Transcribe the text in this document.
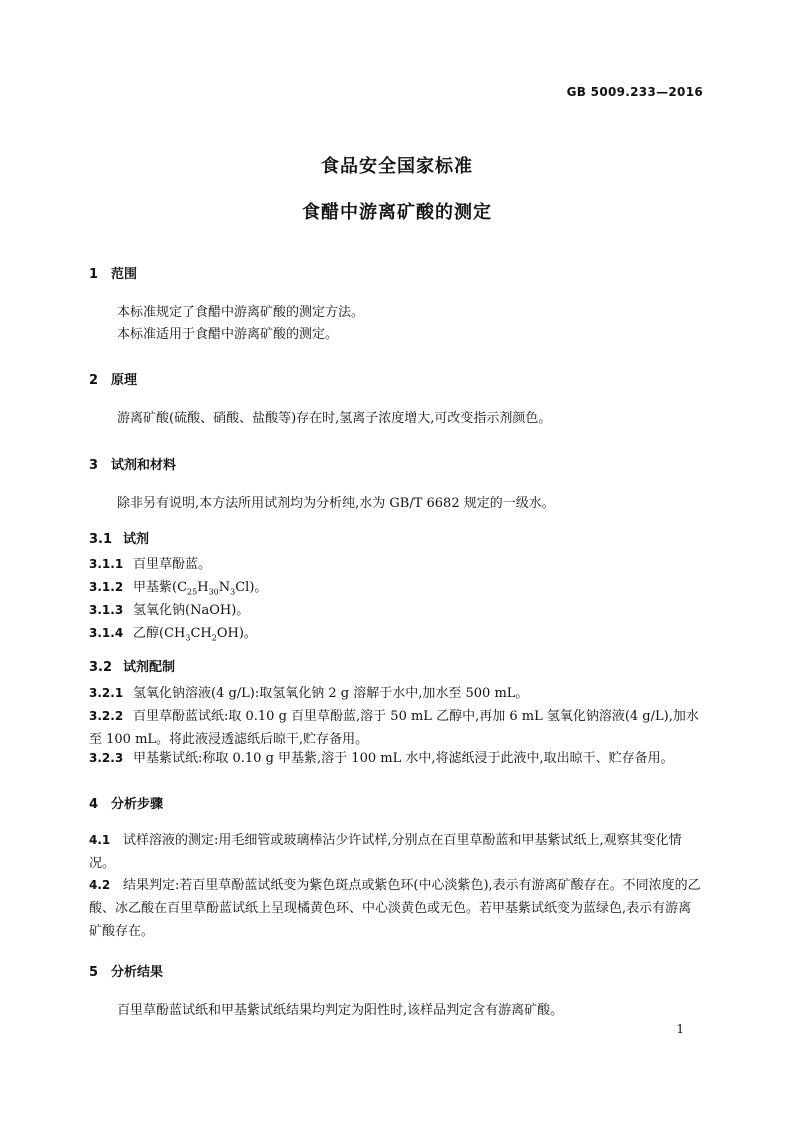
GB 5009.233—2016
食品安全国家标准
食醋中游离矿酸的测定
1 范围
本标准规定了食醋中游离矿酸的测定方法。
本标准适用于食醋中游离矿酸的测定。
2 原理
游离矿酸(硫酸、硝酸、盐酸等)存在时,氢离子浓度增大,可改变指示剂颜色。
3 试剂和材料
除非另有说明,本方法所用试剂均为分析纯,水为 GB/T 6682 规定的一级水。
3.1 试剂
3.1.1 百里草酚蓝。
3.1.2 甲基紫$(C_{25}H_{30}N_3Cl)$。
3.1.3 氢氧化钠(NaOH)。
3.1.4 乙醇$(CH_3CH_2OH)$。
3.2 试剂配制
3.2.1 氢氧化钠溶液(4 g/L):取氢氧化钠 2 g 溶解于水中,加水至 500 mL。
3.2.2 百里草酚蓝试纸:取 0.10 g 百里草酚蓝,溶于 50 mL 乙醇中,再加 6 mL 氢氧化钠溶液(4 g/L),加水至 100 mL。将此液浸透滤纸后晾干,贮存备用。
3.2.3 甲基紫试纸:称取 0.10 g 甲基紫,溶于 100 mL 水中,将滤纸浸于此液中,取出晾干、贮存备用。
4 分析步骤
4.1 试样溶液的测定:用毛细管或玻璃棒沾少许试样,分别点在百里草酚蓝和甲基紫试纸上,观察其变化情况。
4.2 结果判定:若百里草酚蓝试纸变为紫色斑点或紫色环(中心淡紫色),表示有游离矿酸存在。不同浓度的乙酸、冰乙酸在百里草酚蓝试纸上呈现橘黄色环、中心淡黄色或无色。若甲基紫试纸变为蓝绿色,表示有游离矿酸存在。
5 分析结果
百里草酚蓝试纸和甲基紫试纸结果均判定为阳性时,该样品判定含有游离矿酸。
1
